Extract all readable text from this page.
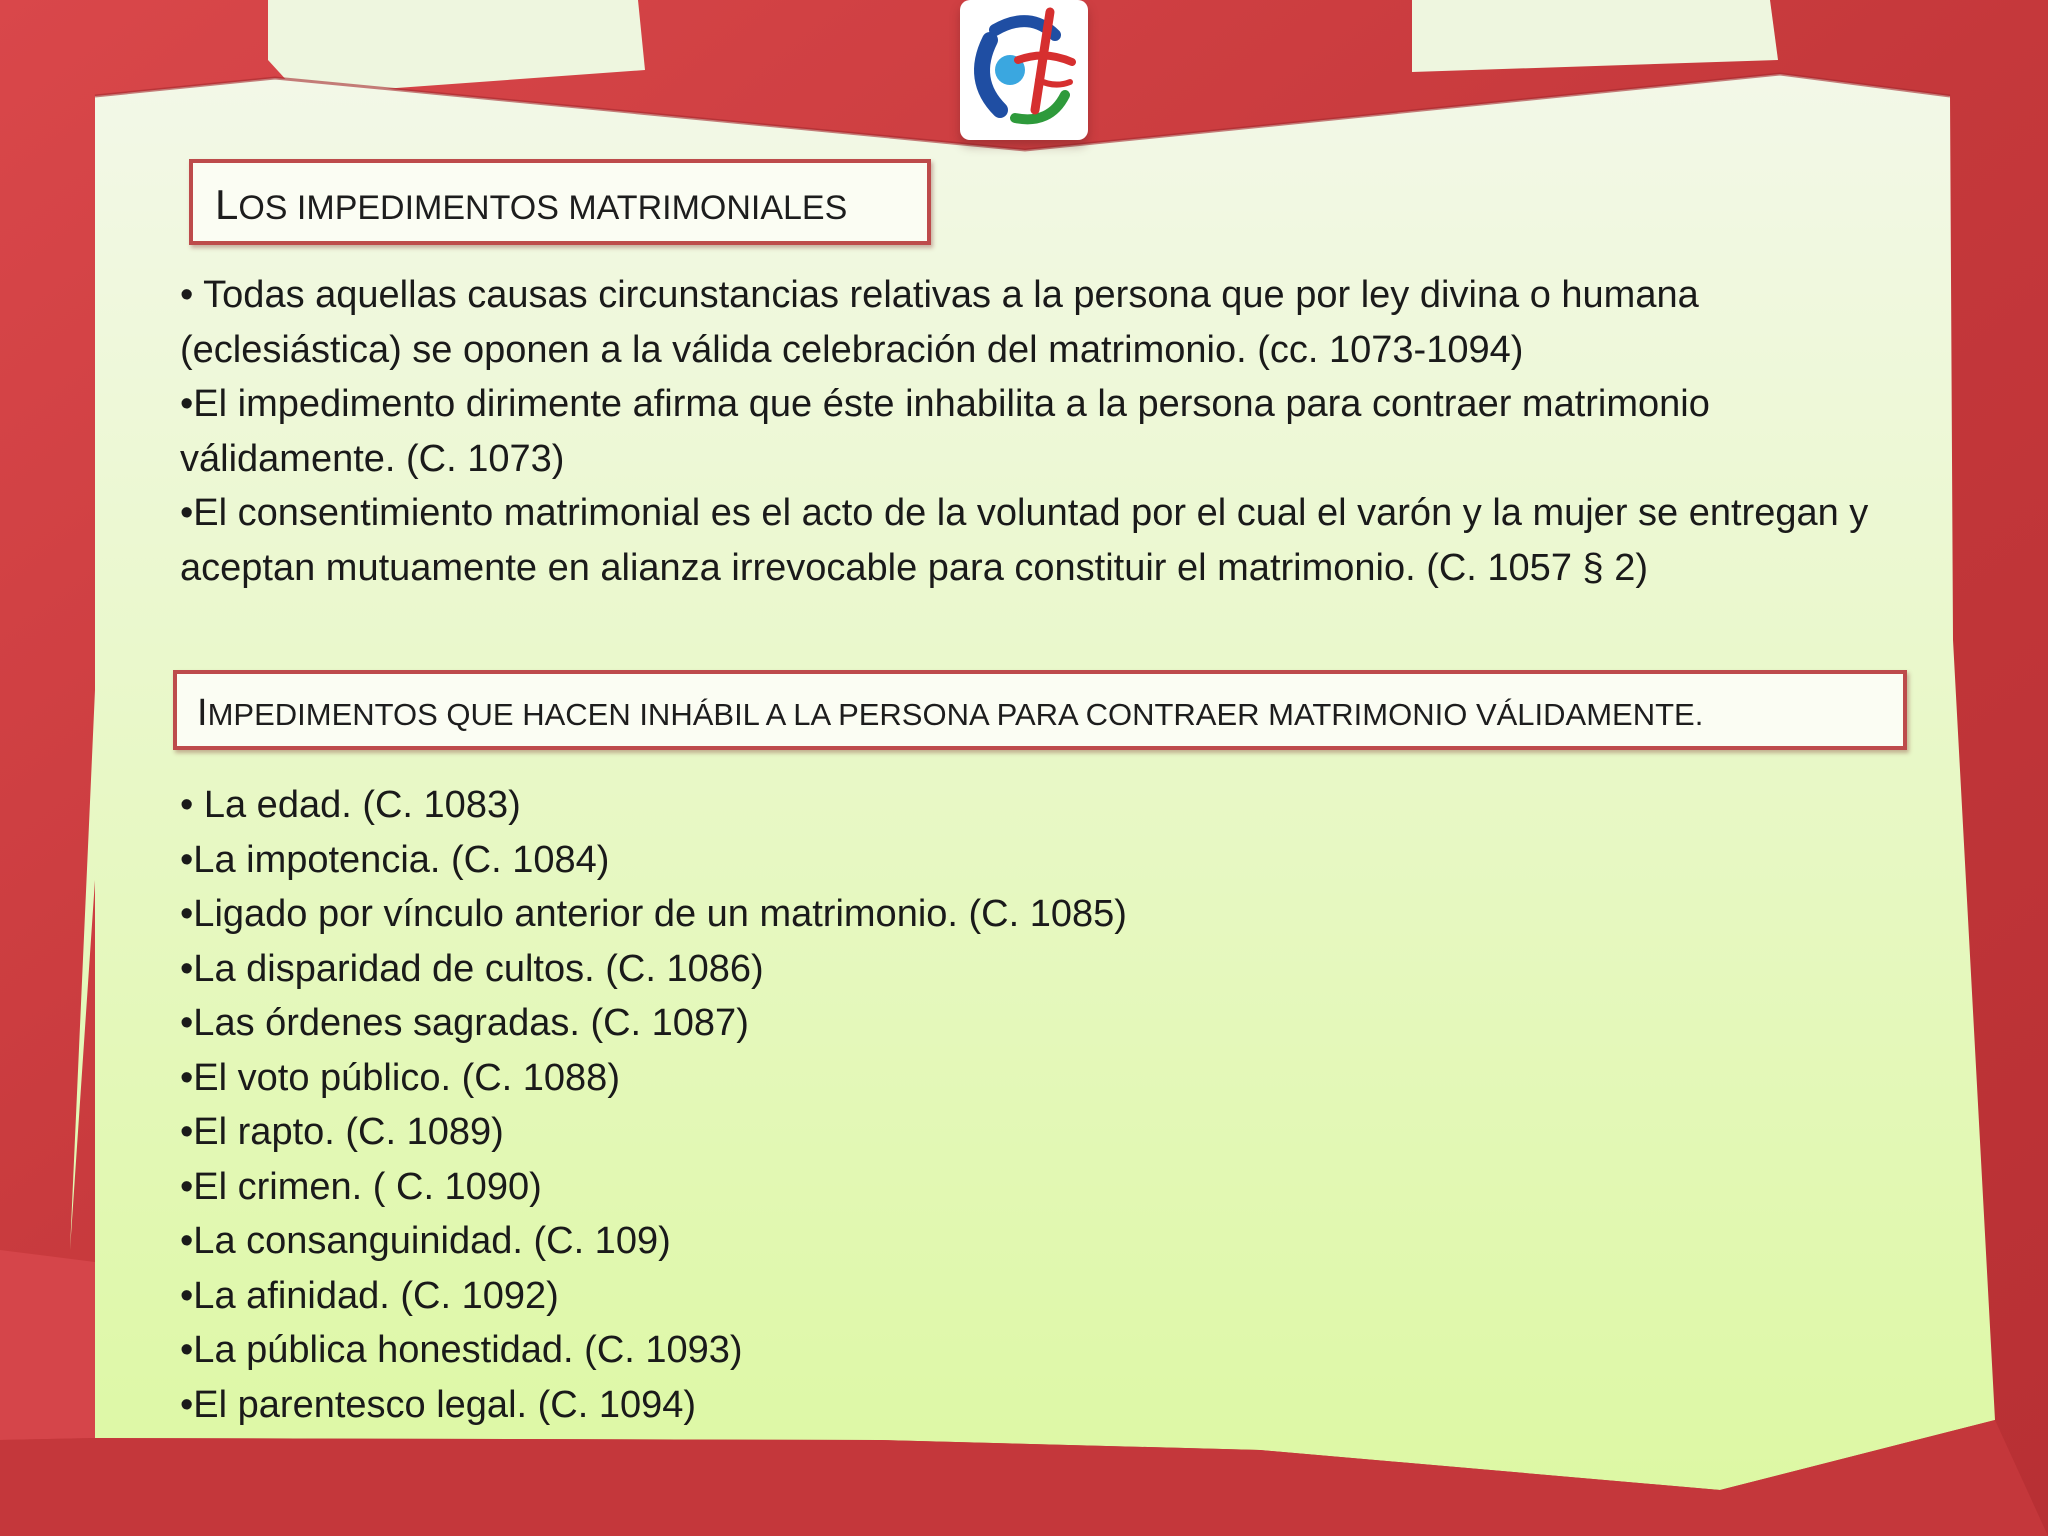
LOS IMPEDIMENTOS MATRIMONIALES

• Todas aquellas causas circunstancias relativas a la persona que por ley divina o humana (eclesiástica) se oponen a la válida celebración del matrimonio. (cc. 1073-1094)

•El impedimento dirimente afirma que éste inhabilita a la persona para contraer matrimonio válidamente. (C. 1073)

•El consentimiento matrimonial es el acto de la voluntad por el cual el varón y la mujer se entregan y aceptan mutuamente en alianza irrevocable para constituir el matrimonio. (C. 1057 § 2)

IMPEDIMENTOS QUE HACEN INHÁBIL A LA PERSONA PARA CONTRAER MATRIMONIO VÁLIDAMENTE.

• La edad. (C. 1083)

•La impotencia. (C. 1084)

•Ligado por vínculo anterior de un matrimonio. (C. 1085)

•La disparidad de cultos. (C. 1086)

•Las órdenes sagradas. (C. 1087)

•El voto público. (C. 1088)

•El rapto. (C. 1089)

•El crimen. ( C. 1090)

•La consanguinidad. (C. 109)

•La afinidad. (C. 1092)

•La pública honestidad. (C. 1093)

•El parentesco legal. (C. 1094)
